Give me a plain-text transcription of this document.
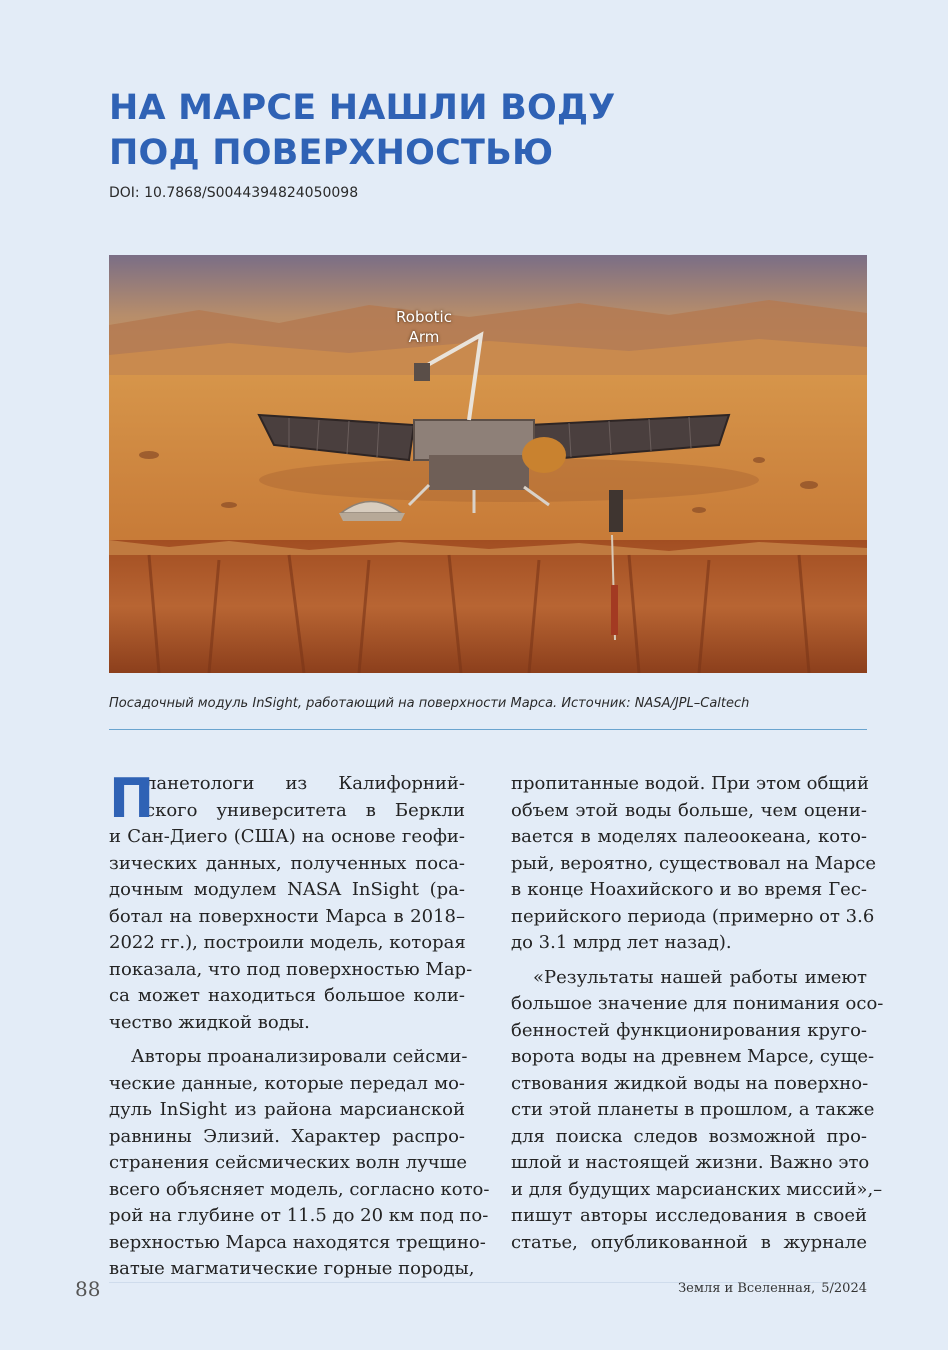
НА МАРСЕ НАШЛИ ВОДУ
ПОД ПОВЕРХНОСТЬЮ
DOI: 10.7868/S0044394824050098
Robotic
Arm
Посадочный модуль InSight, работающий на поверхности Марса. Источник: NASA/JPL–Caltech
П
ланетологи из Калифорний-
ского университета в Беркли
и Сан-Диего (США) на основе геофи-
зических данных, полученных поса-
дочным модулем NASA InSight (ра-
ботал на поверхности Марса в 2018–
2022 гг.), построили модель, которая
показала, что под поверхностью Мар-
са может находиться большое коли-
чество жидкой воды.
Авторы проанализировали сейсми-
ческие данные, которые передал мо-
дуль InSight из района марсианской
равнины Элизий. Характер распро-
странения сейсмических волн лучше
всего объясняет модель, согласно кото-
рой на глубине от 11.5 до 20 км под по-
верхностью Марса находятся трещино-
ватые магматические горные породы,
пропитанные водой. При этом общий
объем этой воды больше, чем оцени-
вается в моделях палеоокеана, кото-
рый, вероятно, существовал на Марсе
в конце Ноахийского и во время Гес-
перийского периода (примерно от 3.6
до 3.1 млрд лет назад).
«Результаты нашей работы имеют
большое значение для понимания осо-
бенностей функционирования круго-
ворота воды на древнем Марсе, суще-
ствования жидкой воды на поверхно-
сти этой планеты в прошлом, а также
для поиска следов возможной про-
шлой и настоящей жизни. Важно это
и для будущих марсианских миссий»,–
пишут авторы исследования в своей
статье, опубликованной в журнале
88	Земля и Вселенная, 5/2024
